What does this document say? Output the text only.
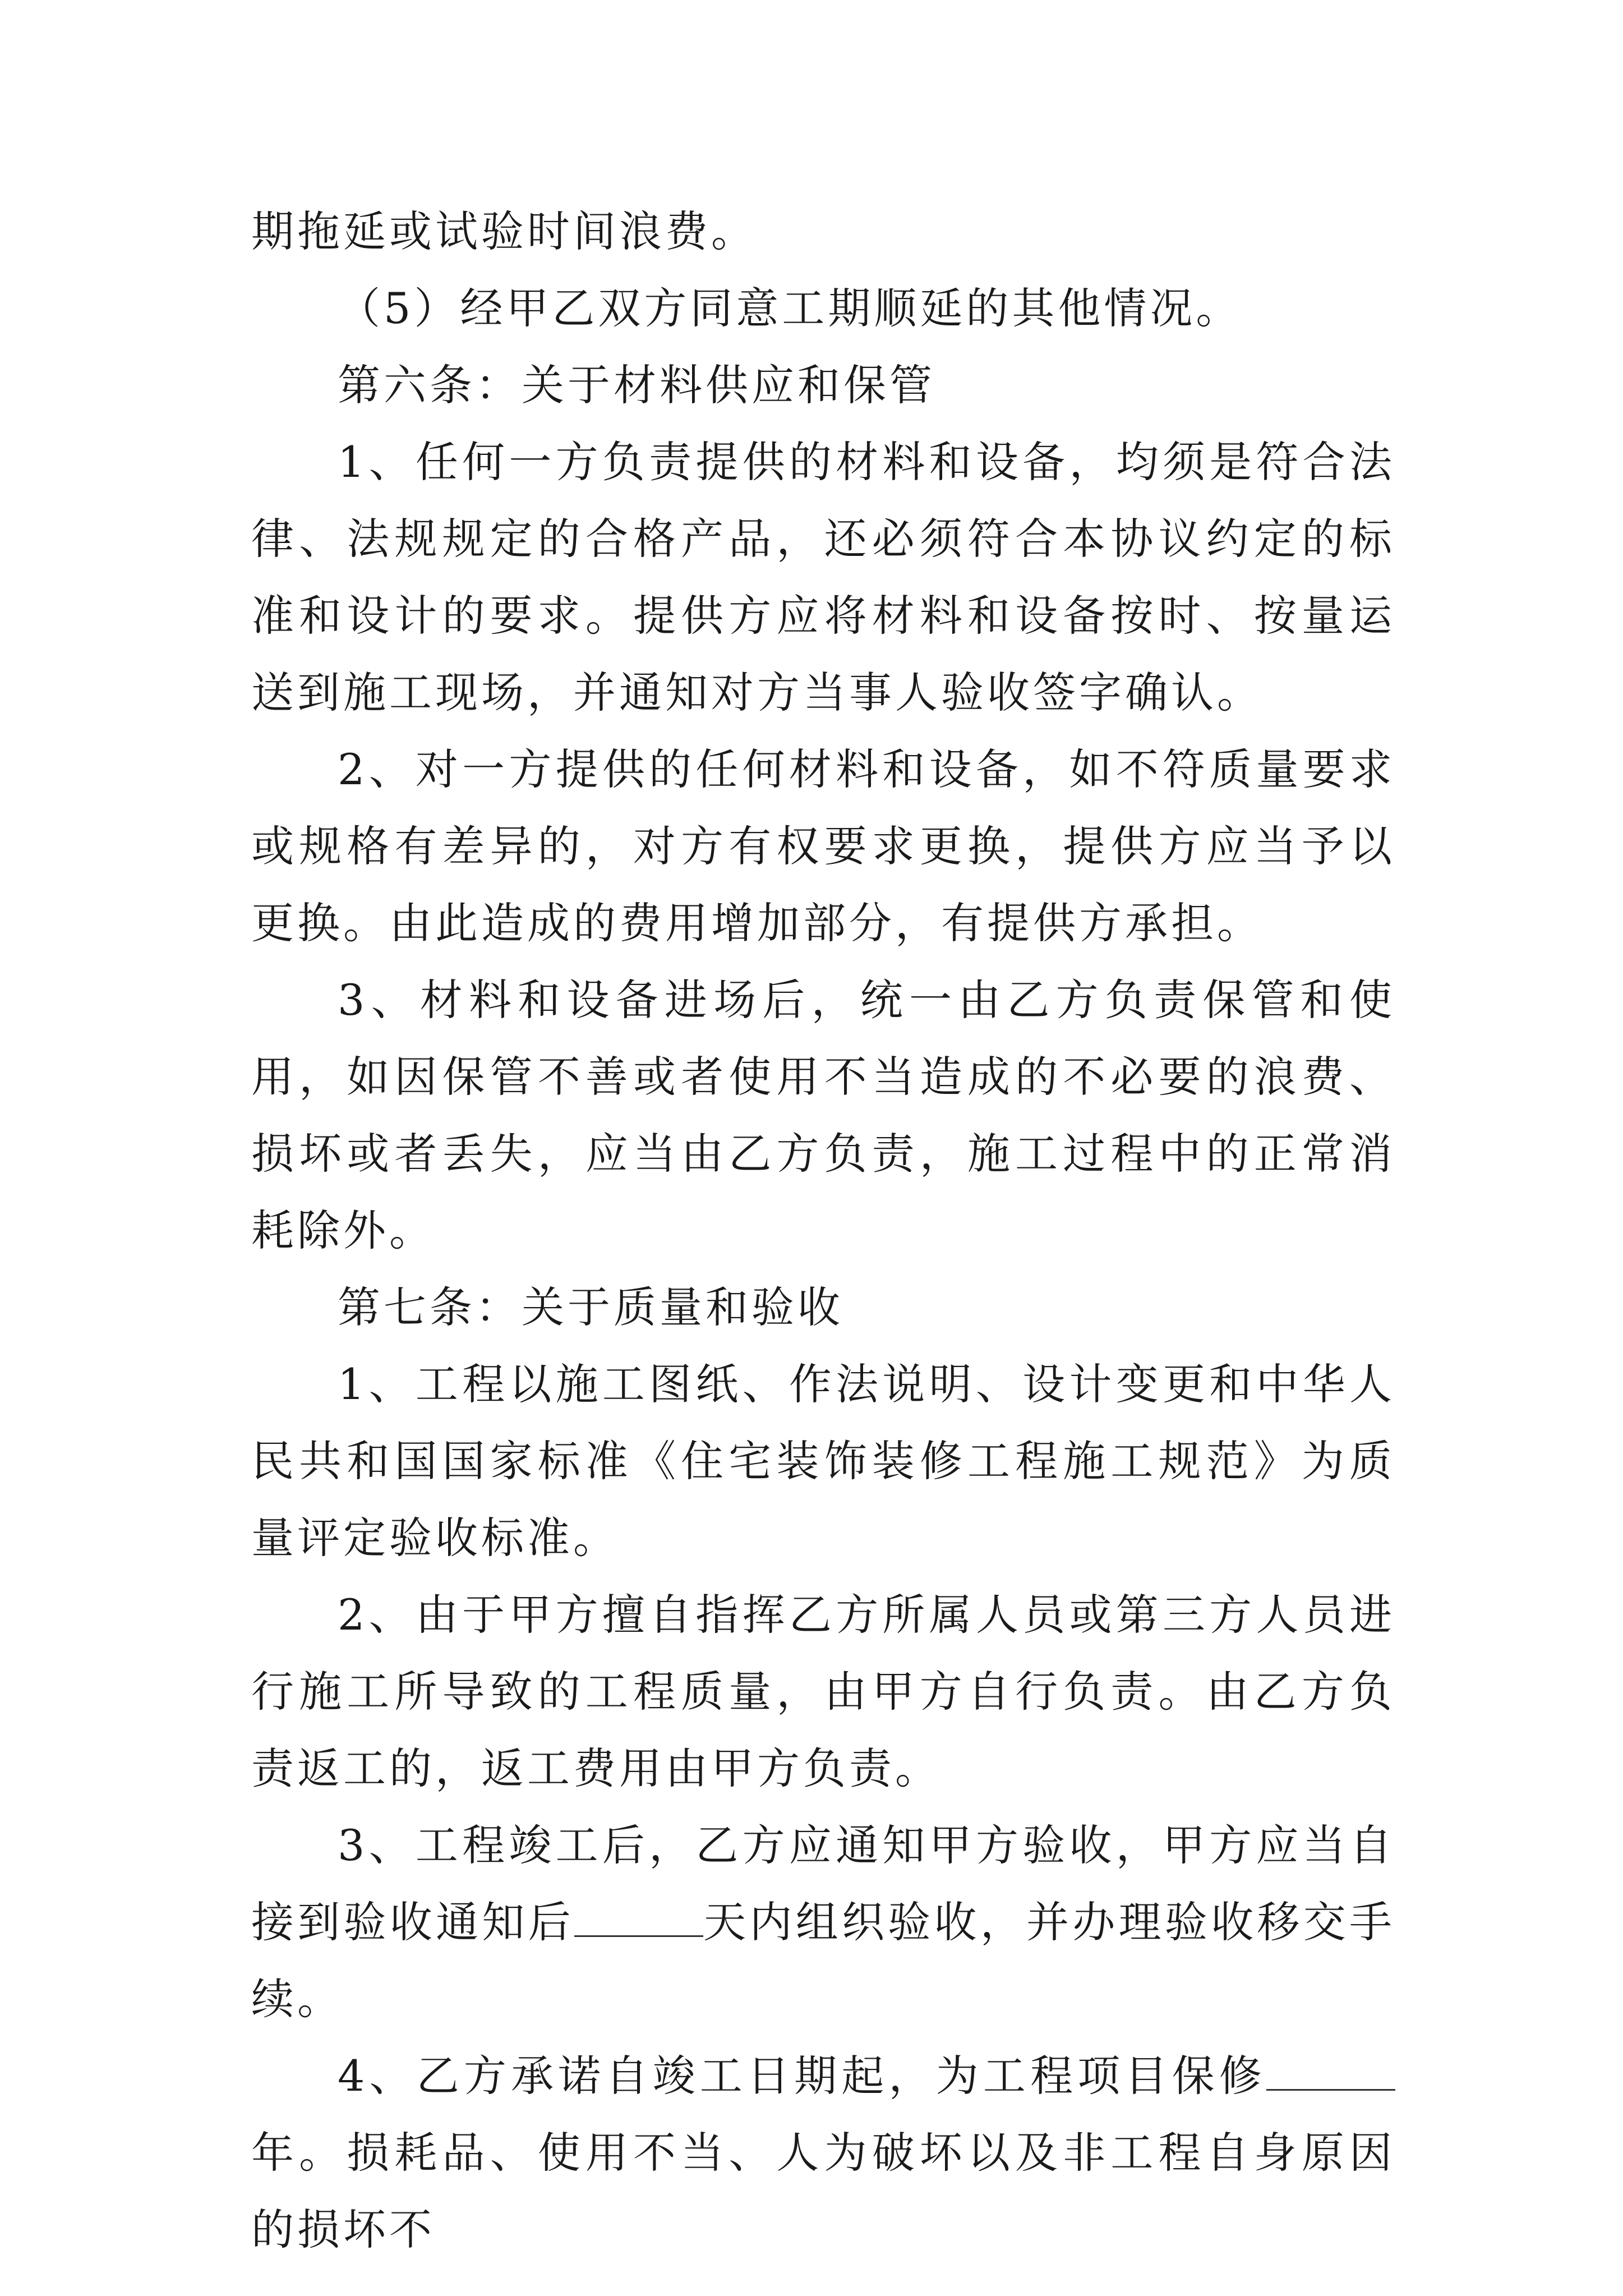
期拖延或试验时间浪费。

（5）经甲乙双方同意工期顺延的其他情况。

第六条：关于材料供应和保管

1、任何一方负责提供的材料和设备，均须是符合法律、法规规定的合格产品，还必须符合本协议约定的标准和设计的要求。提供方应将材料和设备按时、按量运送到施工现场，并通知对方当事人验收签字确认。

2、对一方提供的任何材料和设备，如不符质量要求或规格有差异的，对方有权要求更换，提供方应当予以更换。由此造成的费用增加部分，有提供方承担。

3、材料和设备进场后，统一由乙方负责保管和使用，如因保管不善或者使用不当造成的不必要的浪费、损坏或者丢失，应当由乙方负责，施工过程中的正常消耗除外。

第七条：关于质量和验收

1、工程以施工图纸、作法说明、设计变更和中华人民共和国国家标准《住宅装饰装修工程施工规范》为质量评定验收标准。

2、由于甲方擅自指挥乙方所属人员或第三方人员进行施工所导致的工程质量，由甲方自行负责。由乙方负责返工的，返工费用由甲方负责。

3、工程竣工后，乙方应通知甲方验收，甲方应当自接到验收通知后	天内组织验收，并办理验收移交手续。

4、乙方承诺自竣工日期起，为工程项目保修年。损耗品、使用不当、人为破坏以及非工程自身原因的损坏不
